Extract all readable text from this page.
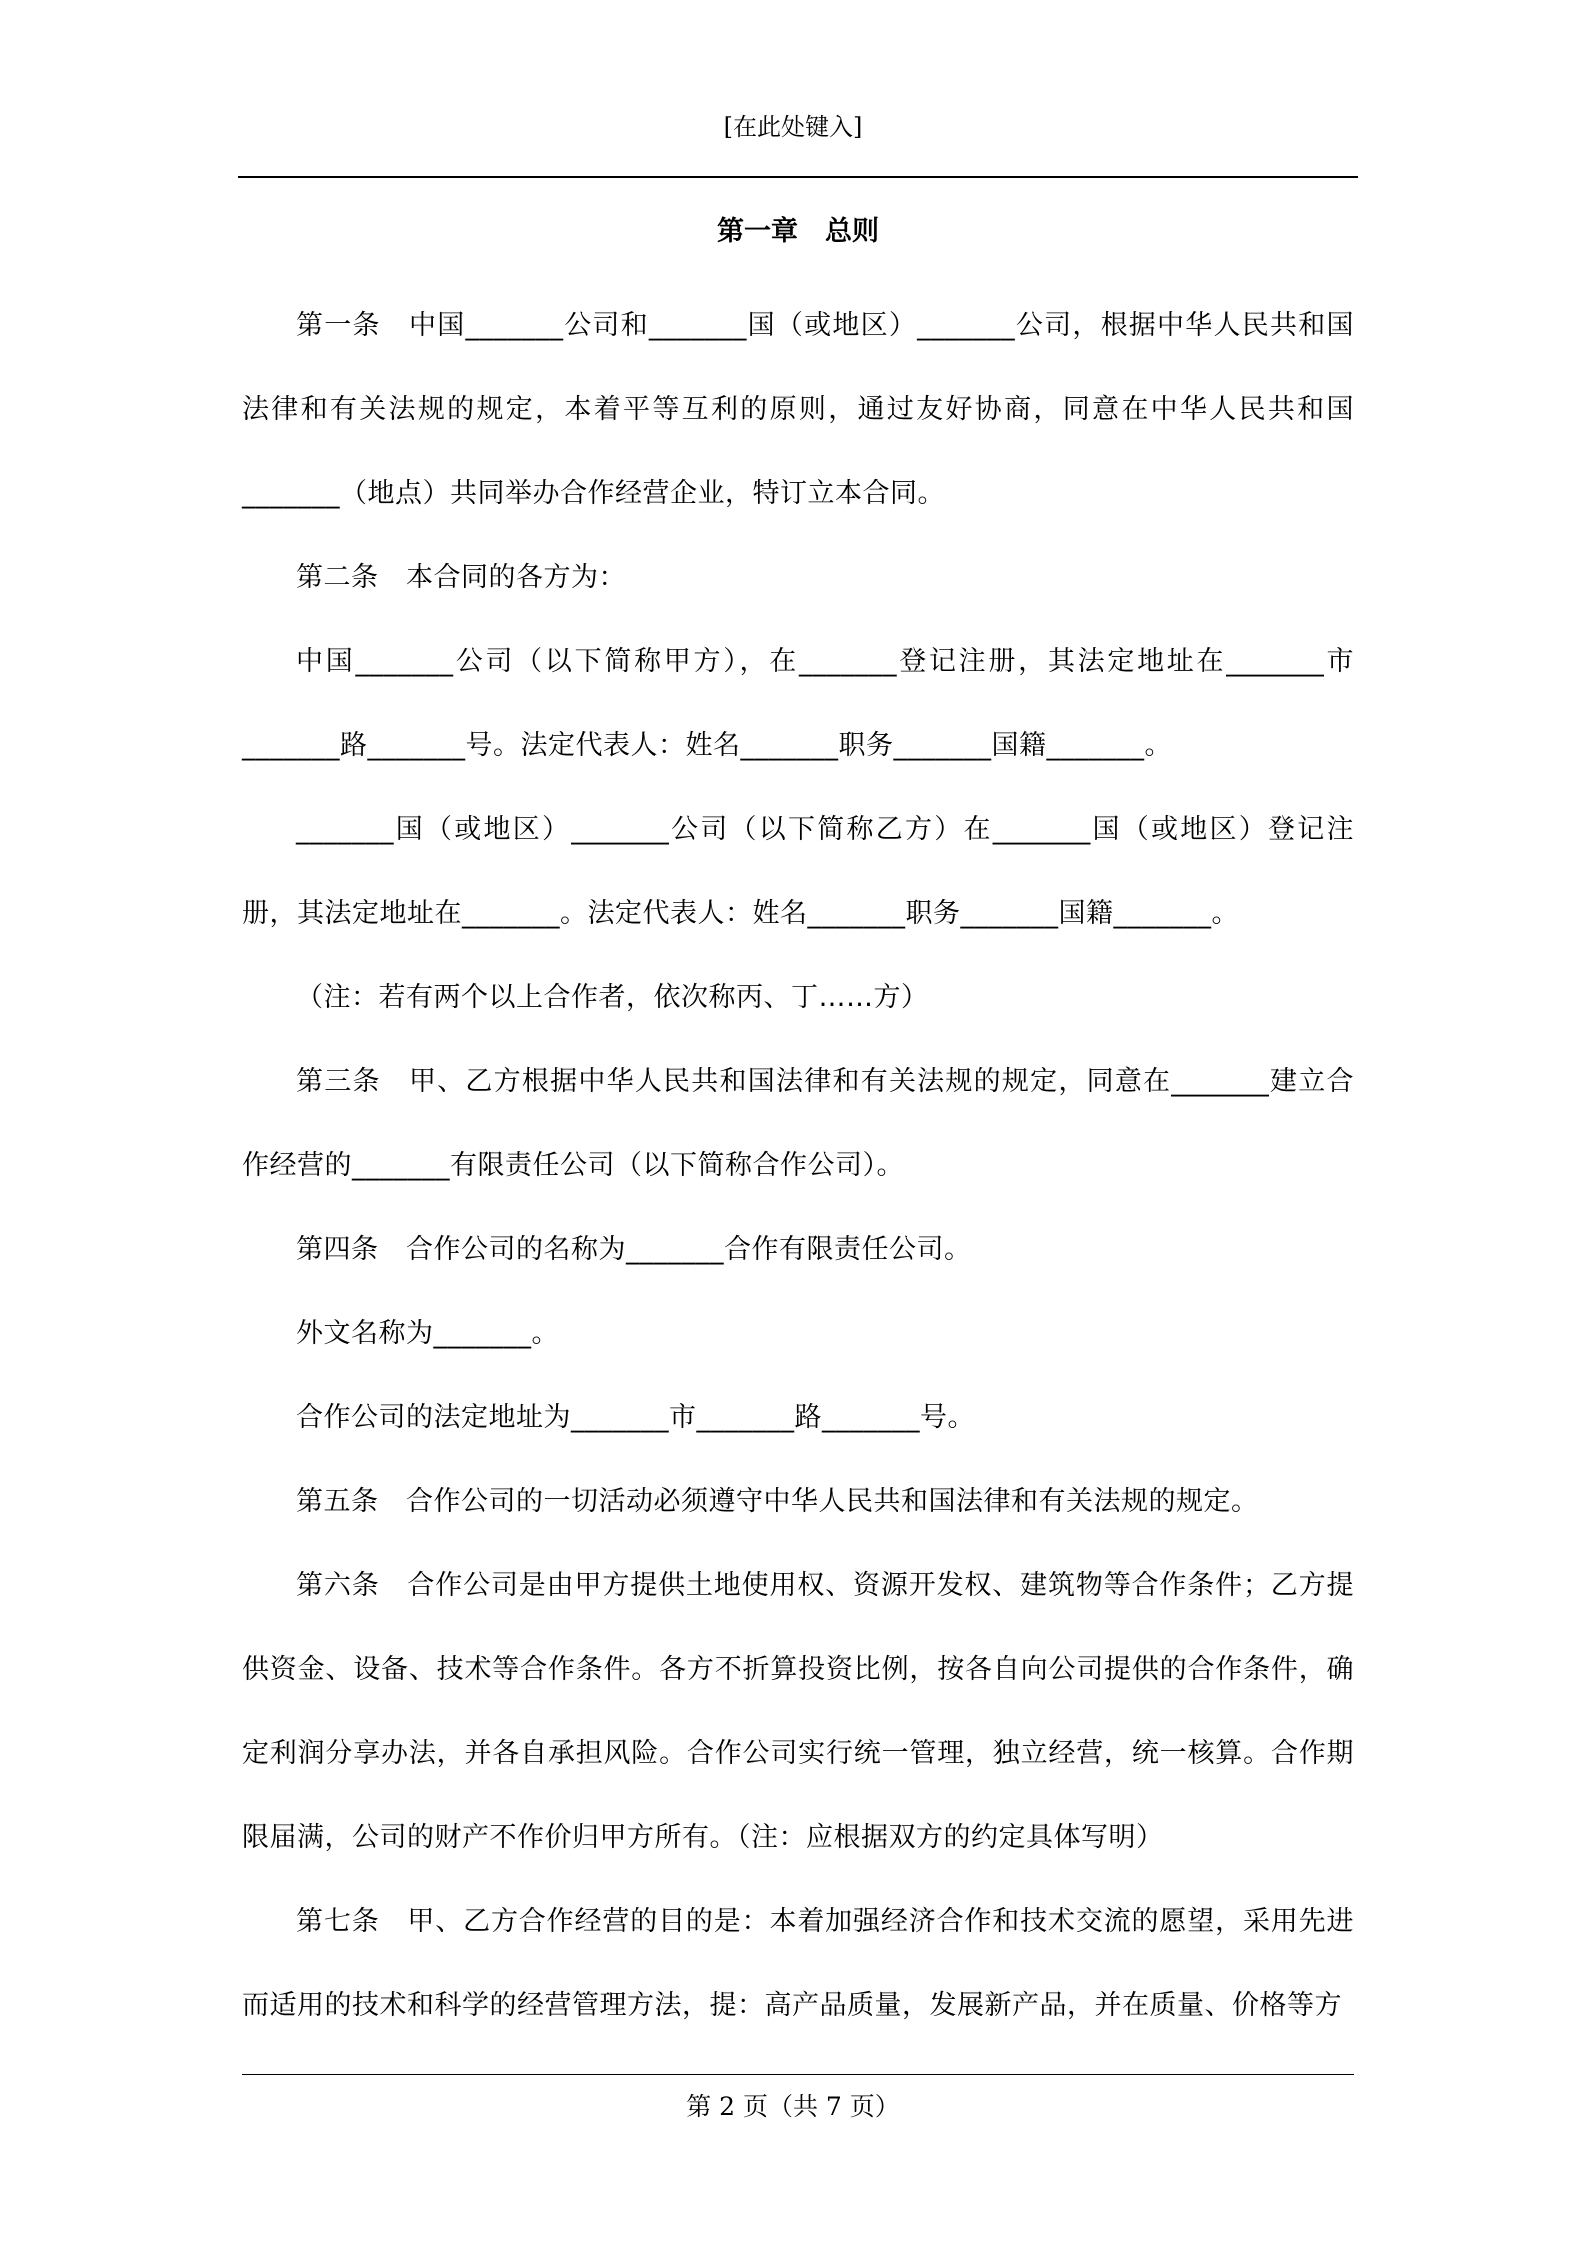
[在此处键入]
第一章　总则

第一条　中国_______公司和_______国（或地区）_______公司，根据中华人民共和国法律和有关法规的规定，本着平等互利的原则，通过友好协商，同意在中华人民共和国_______（地点）共同举办合作经营企业，特订立本合同。

第二条　本合同的各方为：

中国_______公司（以下简称甲方），在_______登记注册，其法定地址在_______市_______路_______号。法定代表人：姓名_______职务_______国籍_______。

_______国（或地区）_______公司（以下简称乙方）在_______国（或地区）登记注册，其法定地址在_______。法定代表人：姓名_______职务_______国籍_______。

（注：若有两个以上合作者，依次称丙、丁……方）

第三条　甲、乙方根据中华人民共和国法律和有关法规的规定，同意在_______建立合作经营的_______有限责任公司（以下简称合作公司）。

第四条　合作公司的名称为_______合作有限责任公司。

外文名称为_______。

合作公司的法定地址为_______市_______路_______号。

第五条　合作公司的一切活动必须遵守中华人民共和国法律和有关法规的规定。

第六条　合作公司是由甲方提供土地使用权、资源开发权、建筑物等合作条件；乙方提供资金、设备、技术等合作条件。各方不折算投资比例，按各自向公司提供的合作条件，确定利润分享办法，并各自承担风险。合作公司实行统一管理，独立经营，统一核算。合作期限届满，公司的财产不作价归甲方所有。（注：应根据双方的约定具体写明）

第七条　甲、乙方合作经营的目的是：本着加强经济合作和技术交流的愿望，采用先进而适用的技术和科学的经营管理方法，提：高产品质量，发展新产品，并在质量、价格等方

第 2 页（共 7 页）
